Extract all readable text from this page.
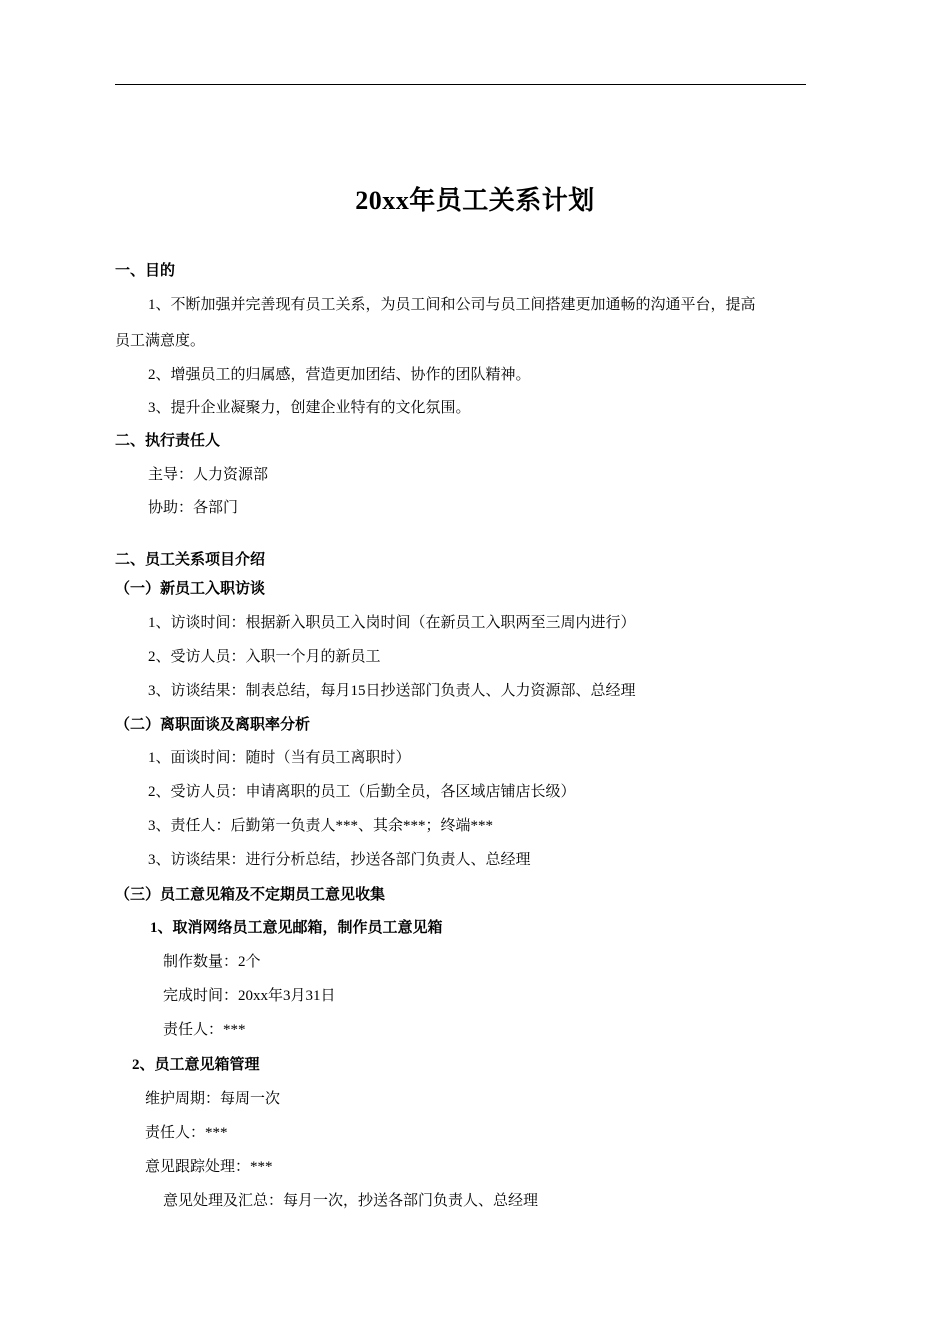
20xx年员工关系计划
一、目的
1、不断加强并完善现有员工关系，为员工间和公司与员工间搭建更加通畅的沟通平台，提高
员工满意度。
2、增强员工的归属感，营造更加团结、协作的团队精神。
3、提升企业凝聚力，创建企业特有的文化氛围。
二、执行责任人
主导：人力资源部
协助：各部门
二、员工关系项目介绍
（一）新员工入职访谈
1、访谈时间：根据新入职员工入岗时间（在新员工入职两至三周内进行）
2、受访人员：入职一个月的新员工
3、访谈结果：制表总结，每月15日抄送部门负责人、人力资源部、总经理
（二）离职面谈及离职率分析
1、面谈时间：随时（当有员工离职时）
2、受访人员：申请离职的员工（后勤全员，各区域店铺店长级）
3、责任人：后勤第一负责人***、其余***；终端***
3、访谈结果：进行分析总结，抄送各部门负责人、总经理
（三）员工意见箱及不定期员工意见收集
1、取消网络员工意见邮箱，制作员工意见箱
制作数量：2个
完成时间：20xx年3月31日
责任人：***
2、员工意见箱管理
维护周期：每周一次
责任人：***
意见跟踪处理：***
意见处理及汇总：每月一次，抄送各部门负责人、总经理
